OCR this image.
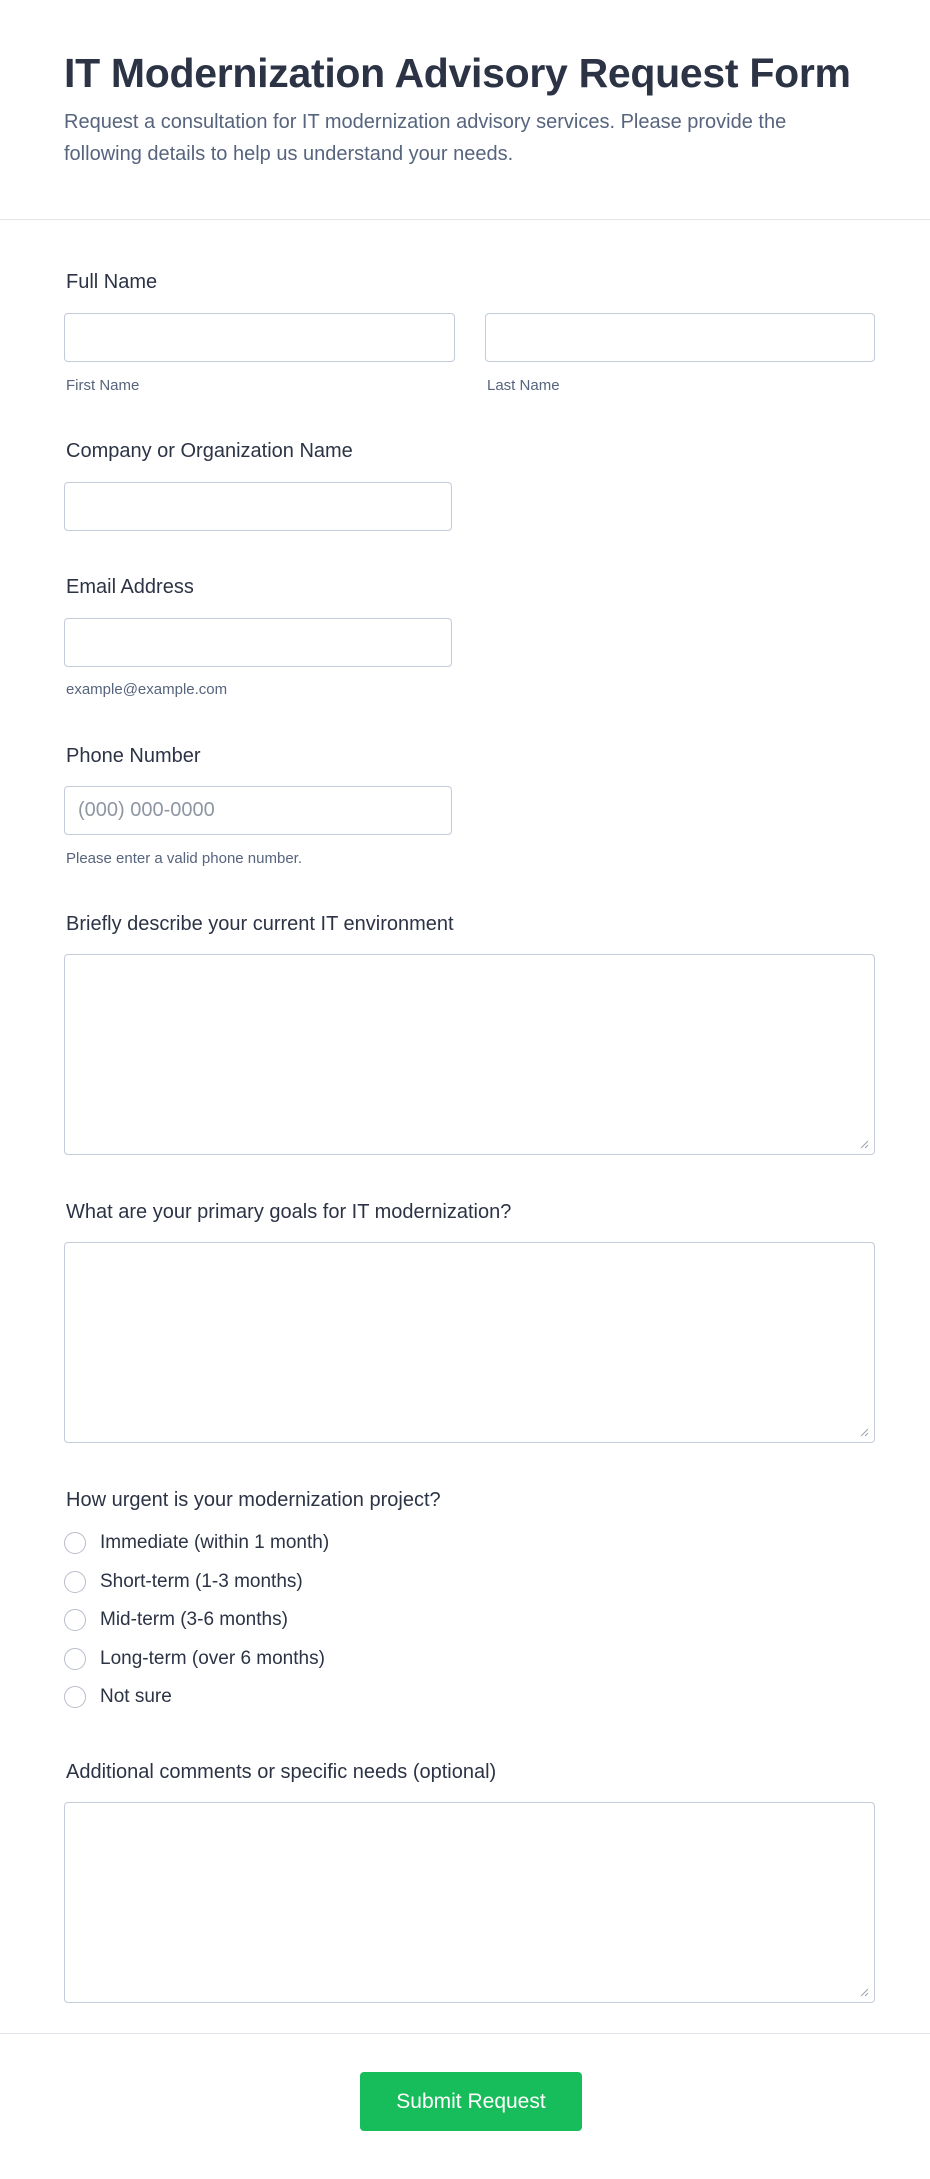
IT Modernization Advisory Request Form

Request a consultation for IT modernization advisory services. Please provide the following details to help us understand your needs.

Full Name
First Name	Last Name
Company or Organization Name
Email Address
example@example.com
Phone Number
(000) 000-0000
Please enter a valid phone number.
Briefly describe your current IT environment
What are your primary goals for IT modernization?
How urgent is your modernization project?
Immediate (within 1 month)
Short-term (1-3 months)
Mid-term (3-6 months)
Long-term (over 6 months)
Not sure
Additional comments or specific needs (optional)
Submit Request
